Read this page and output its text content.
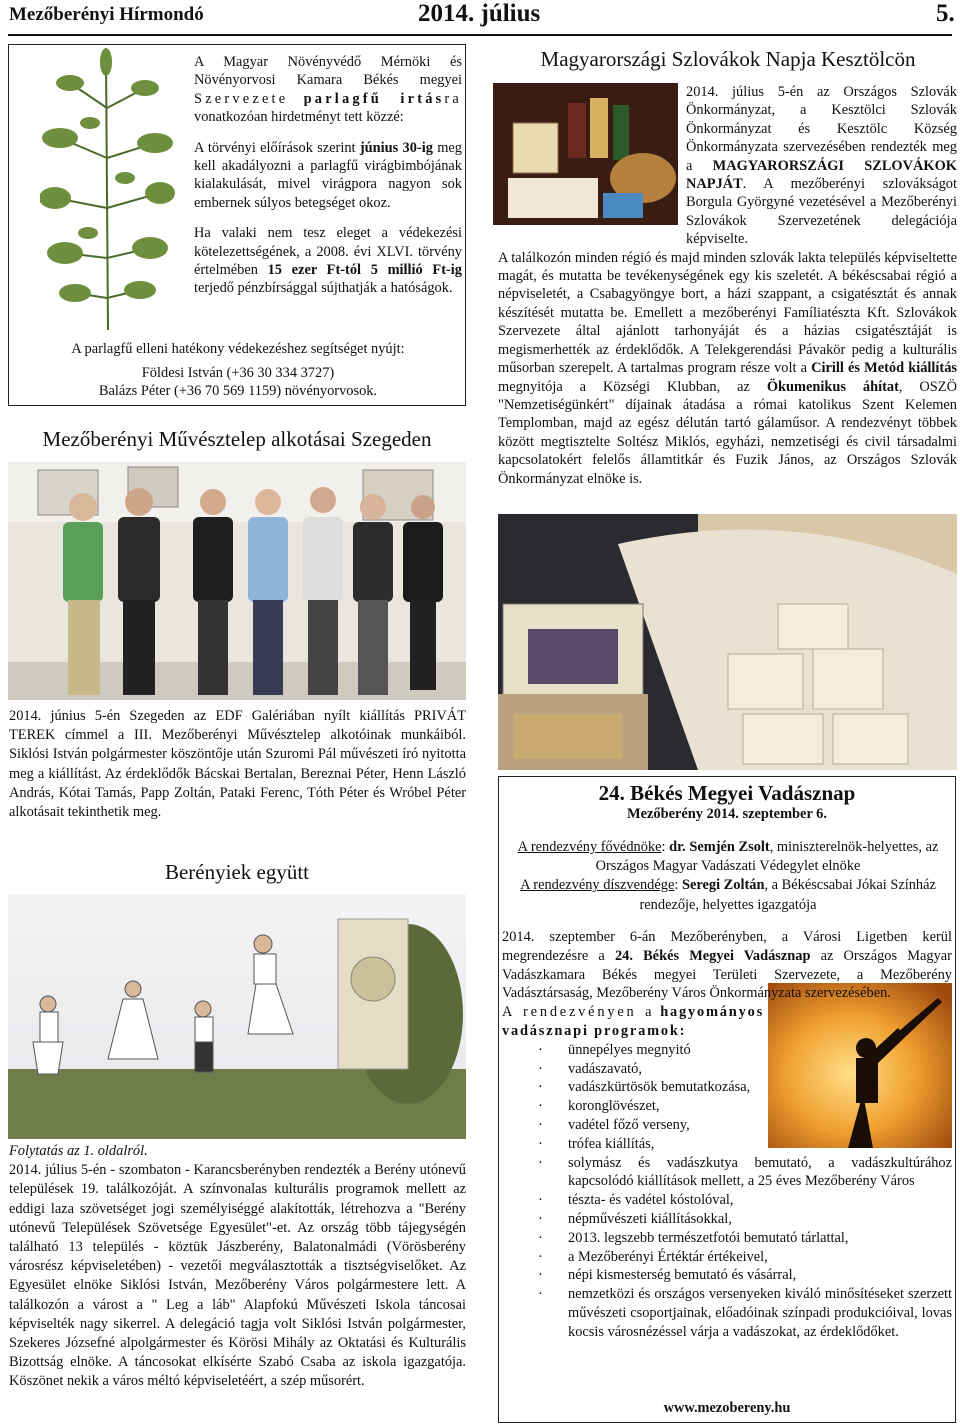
Mezőberényi Hírmondó	2014. július	5.

A Magyar Növényvédő Mérnöki és Növényorvosi Kamara Békés megyei Szervezete parlagfű irtásra vonatkozóan hirdetményt tett közzé:

A törvényi előírások szerint június 30-ig meg kell akadályozni a parlagfű virágbimbójának kialakulását, mivel virágpora nagyon sok embernek súlyos betegséget okoz.

Ha valaki nem tesz eleget a védekezési kötelezettségének, a 2008. évi XLVI. törvény értelmében 15 ezer Ft-tól 5 millió Ft-ig terjedő pénzbírsággal sújthatják a hatóságok.

A parlagfű elleni hatékony védekezéshez segítséget nyújt:

Földesi István (+36 30 334 3727)

Balázs Péter (+36 70 569 1159) növényorvosok.

Mezőberényi Művésztelep alkotásai Szegeden
2014. június 5-én Szegeden az EDF Galériában nyílt kiállítás PRIVÁT TEREK címmel a III. Mezőberényi Művésztelep alkotóinak munkáiból. Siklósi István polgármester köszöntője után Szuromi Pál művészeti író nyitotta meg a kiállítást. Az érdeklődők Bácskai Bertalan, Bereznai Péter, Henn László András, Kótai Tamás, Papp Zoltán, Pataki Ferenc, Tóth Péter és Wróbel Péter alkotásait tekinthetik meg.
Berényiek együtt

Folytatás az 1. oldalról.

2014. július 5-én - szombaton - Karancsberényben rendezték a Berény utónevű települések 19. találkozóját. A színvonalas kulturális programok mellett az eddigi laza szövetséget jogi személyiséggé alakították, létrehozva a "Berény utónevű Települések Szövetsége Egyesület"-et. Az ország több tájegységén található 13 település - köztük Jászberény, Balatonalmádi (Vörösberény városrész képviseletében) - vezetői megválasztották a tisztségviselőket. Az Egyesület elnöke Siklósi István, Mezőberény Város polgármestere lett. A találkozón a várost a " Leg a láb" Alapfokú Művészeti Iskola táncosai képviselték nagy sikerrel. A delegáció tagja volt Siklósi István polgármester, Szekeres Józsefné alpolgármester és Körösi Mihály az Oktatási és Kulturális Bizottság elnöke. A táncosokat elkísérte Szabó Csaba az iskola igazgatója. Köszönet nekik a város méltó képviseletéért, a szép műsorért.

Magyarországi Szlovákok Napja Kesztölcön

2014. július 5-én az Országos Szlovák Önkormányzat, a Kesztölci Szlovák Önkormányzat és Kesztölc Község Önkormányzata szervezésében rendezték meg a MAGYARORSZÁGI SZLOVÁKOK NAPJÁT. A mezőberényi szlovákságot Borgula Györgyné vezetésével a Mezőberényi Szlovákok Szervezetének delegációja képviselte.

A találkozón minden régió és majd minden szlovák lakta település képviseltette magát, és mutatta be tevékenységének egy kis szeletét. A békéscsabai régió a népviseletét, a Csabagyöngye bort, a házi szappant, a csigatésztát és annak készítését mutatta be. Emellett a mezőberényi Famíliatészta Kft. Szlovákok Szervezete által ajánlott tarhonyáját és a házias csigatésztáját is megismerhették az érdeklődők. A Telekgerendási Pávakör pedig a kulturális műsorban szerepelt. A tartalmas program része volt a Cirill és Metód kiállítás megnyitója a Községi Klubban, az Ökumenikus áhítat, OSZÖ "Nemzetiségünkért" díjainak átadása a római katolikus Szent Kelemen Templomban, majd az egész délután tartó gálaműsor. A rendezvényt többek között megtisztelte Soltész Miklós, egyházi, nemzetiségi és civil társadalmi kapcsolatokért felelős államtitkár és Fuzik János, az Országos Szlovák Önkormányzat elnöke is.

24. Békés Megyei Vadásznap
Mezőberény 2014. szeptember 6.

A rendezvény fővédnöke: dr. Semjén Zsolt, miniszterelnök-helyettes, az Országos Magyar Vadászati Védegylet elnöke

A rendezvény díszvendége: Seregi Zoltán, a Békéscsabai Jókai Színház rendezője, helyettes igazgatója

2014. szeptember 6-án Mezőberényben, a Városi Ligetben kerül megrendezésre a 24. Békés Megyei Vadásznap az Országos Magyar Vadászkamara Békés megyei Területi Szervezete, a Mezőberény Vadásztársaság, Mezőberény Város Önkormányzata szervezésében.

A rendezvényen a hagyományos vadásznapi programok:

· ünnepélyes megnyitó
· vadászavató,
· vadászkürtösök bemutatkozása,
· koronglövészet,
· vadétel főző verseny,
· trófea kiállítás,
· solymász és vadászkutya bemutató, a vadászkultúrához kapcsolódó kiállítások mellett, a 25 éves Mezőberény Város
· tészta- és vadétel kóstolóval,
· népművészeti kiállításokkal,
· 2013. legszebb természetfotói bemutató tárlattal,
· a Mezőberényi Értéktár értékeivel,
· népi kismesterség bemutató és vásárral,
· nemzetközi és országos versenyeken kiváló minősítéseket szerzett művészeti csoportjainak, előadóinak színpadi produkcióival, lovas kocsis városnézéssel várja a vadászokat, az érdeklődőket.
www.mezobereny.hu
